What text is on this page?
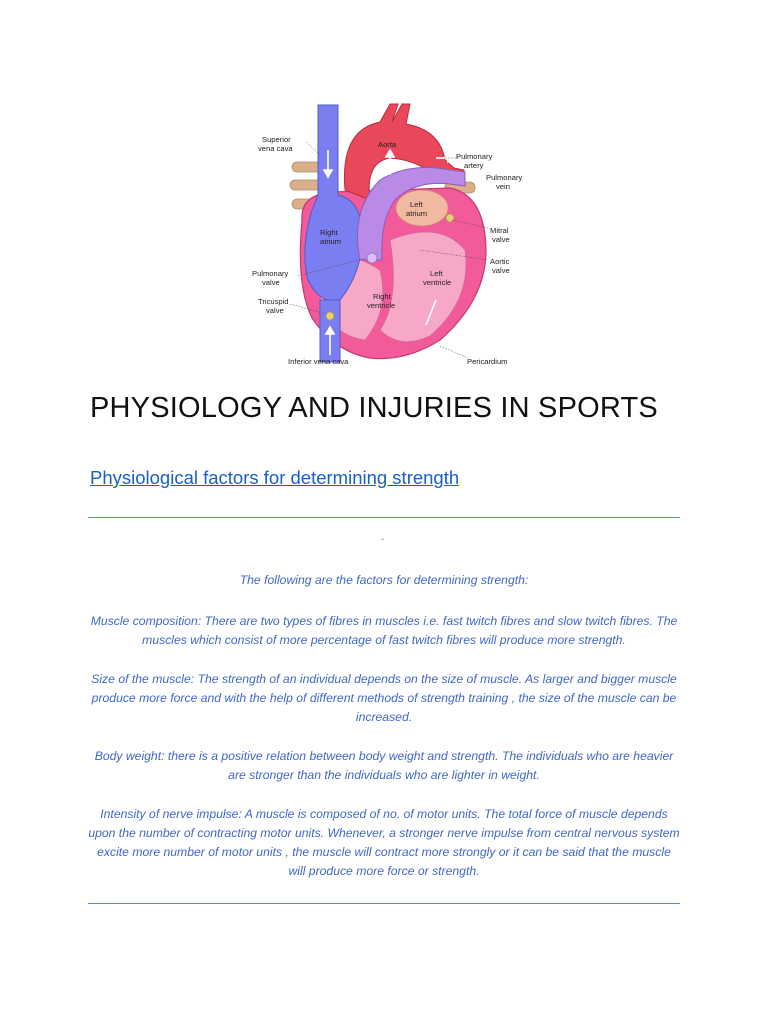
Superior vena cava	Aorta
Pulmonary artery
Pulmonary vein
Left atrium
Right atrium
Mitral valve
Aortic valve
Pulmonary valve
Left ventricle
Right ventricle
Tricuspid valve
Inferior vena cava	Pericardium
PHYSIOLOGY AND INJURIES IN SPORTS
Physiological factors for determining strength
-

The following are the factors for determining strength:

Muscle composition: There are two types of fibres in muscles i.e. fast twitch fibres and slow twitch fibres. The muscles which consist of more percentage of fast twitch fibres will produce more strength.

Size of the muscle: The strength of an individual depends on the size of muscle. As larger and bigger muscle produce more force and with the help of different methods of strength training , the size of the muscle can be increased.

Body weight: there is a positive relation between body weight and strength. The individuals who are heavier are stronger than the individuals who are lighter in weight.

Intensity of nerve impulse: A muscle is composed of no. of motor units. The total force of muscle depends upon the number of contracting motor units. Whenever, a stronger nerve impulse from central nervous system excite more number of motor units , the muscle will contract more strongly or it can be said that the muscle will produce more force or strength.
